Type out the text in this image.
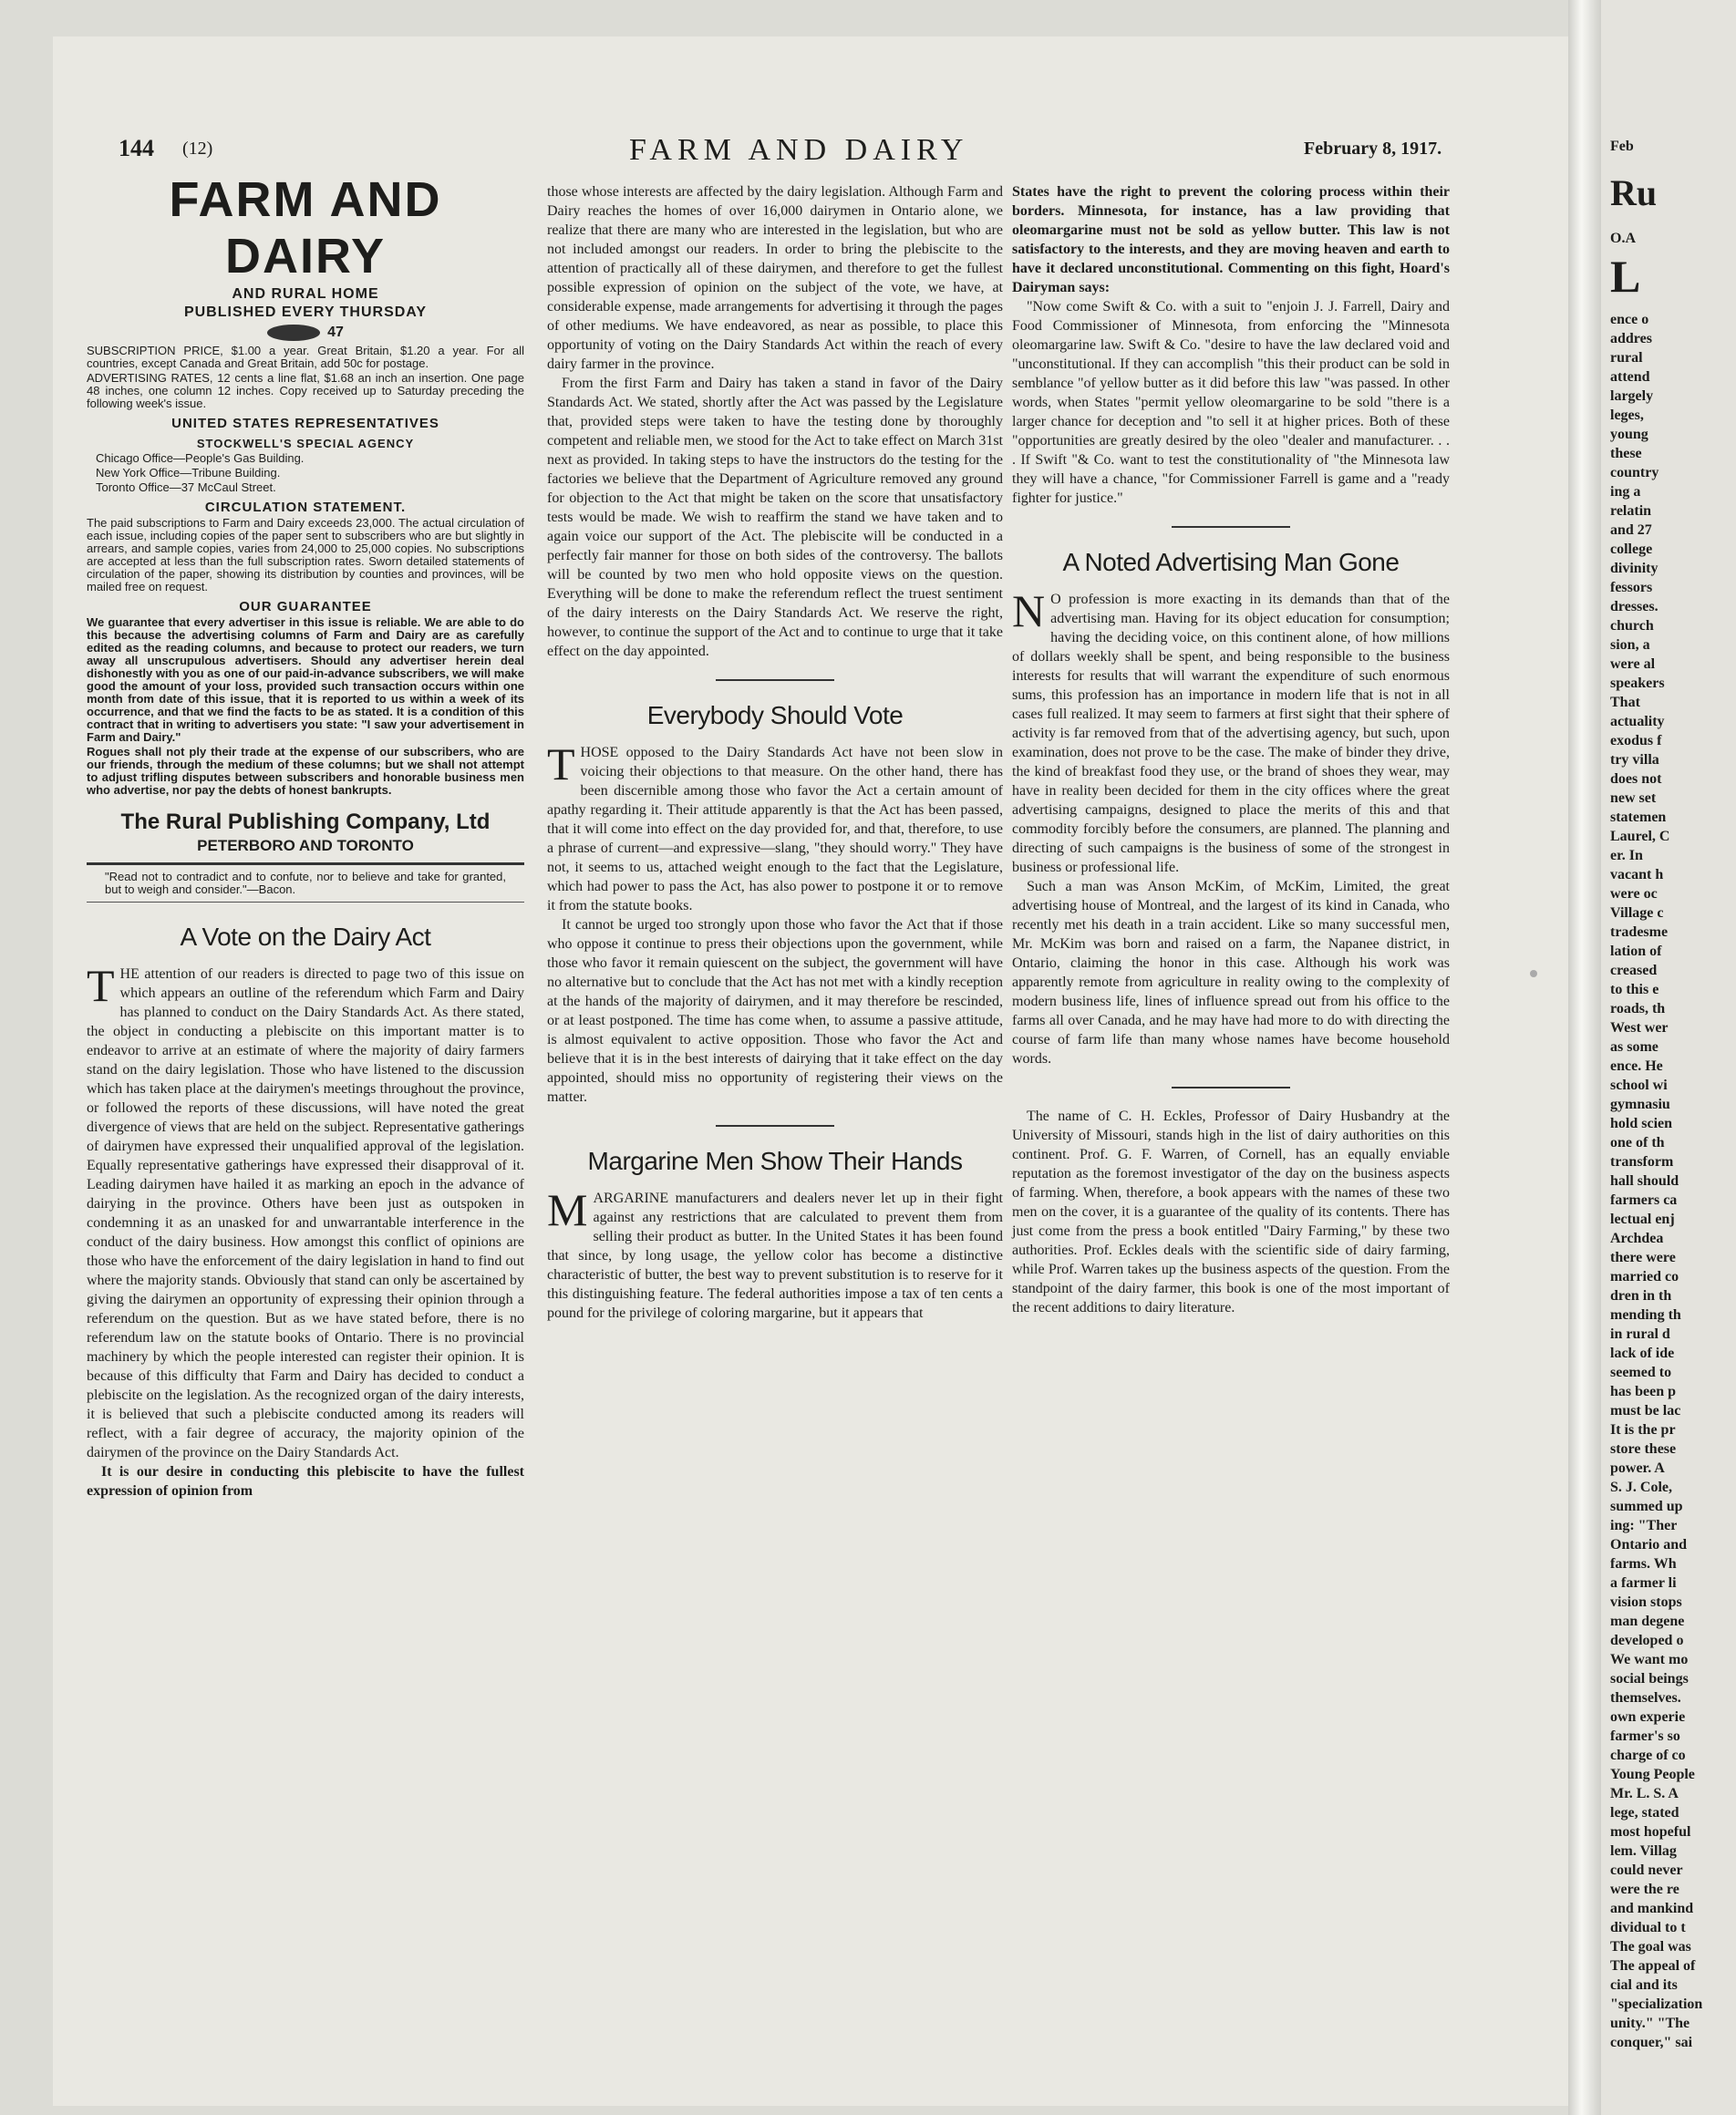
Feb
Ru
O.A
L
ence o
addres
rural
attend
largely
leges,
young
these
country
ing a
relatin
and 27
college
divinity
fessors
dresses.
church
sion, a
were al
speakers
That
actuality
exodus f
try villa
does not
new set
statemen
Laurel, C
er. In
vacant h
were oc
Village c
tradesme
lation of
creased
to this e
roads, th
West wer
as some
ence. He
school wi
gymnasiu
hold scien
one of th
transform
hall should
farmers ca
lectual enj
Archdea
there were
married co
dren in th
mending th
in rural d
lack of ide
seemed to
has been p
must be lac
It is the pr
store these
power. A
S. J. Cole,
summed up
ing: "Ther
Ontario and
farms. Wh
a farmer li
vision stops
man degene
developed o
We want mo
social beings
themselves.
own experie
farmer's so
charge of co
Young People
Mr. L. S. A
lege, stated
most hopeful
lem. Villag
could never
were the re
and mankind
dividual to t
The goal was
The appeal of
cial and its
"specialization
unity." "The
conquer," sai
144 (12)	FARM AND DAIRY	February 8, 1917.
FARM AND DAIRY
AND RURAL HOME
PUBLISHED EVERY THURSDAY
47

SUBSCRIPTION PRICE, $1.00 a year. Great Britain, $1.20 a year. For all countries, except Canada and Great Britain, add 50c for postage.

ADVERTISING RATES, 12 cents a line flat, $1.68 an inch an insertion. One page 48 inches, one column 12 inches. Copy received up to Saturday preceding the following week's issue.

UNITED STATES REPRESENTATIVES
STOCKWELL'S SPECIAL AGENCY

Chicago Office—People's Gas Building.

New York Office—Tribune Building.

Toronto Office—37 McCaul Street.

CIRCULATION STATEMENT.

The paid subscriptions to Farm and Dairy exceeds 23,000. The actual circulation of each issue, including copies of the paper sent to subscribers who are but slightly in arrears, and sample copies, varies from 24,000 to 25,000 copies. No subscriptions are accepted at less than the full subscription rates. Sworn detailed statements of circulation of the paper, showing its distribution by counties and provinces, will be mailed free on request.

OUR GUARANTEE

We guarantee that every advertiser in this issue is reliable. We are able to do this because the advertising columns of Farm and Dairy are as carefully edited as the reading columns, and because to protect our readers, we turn away all unscrupulous advertisers. Should any advertiser herein deal dishonestly with you as one of our paid-in-advance subscribers, we will make good the amount of your loss, provided such transaction occurs within one month from date of this issue, that it is reported to us within a week of its occurrence, and that we find the facts to be as stated. It is a condition of this contract that in writing to advertisers you state: "I saw your advertisement in Farm and Dairy."

Rogues shall not ply their trade at the expense of our subscribers, who are our friends, through the medium of these columns; but we shall not attempt to adjust trifling disputes between subscribers and honorable business men who advertise, nor pay the debts of honest bankrupts.

The Rural Publishing Company, Ltd
PETERBORO AND TORONTO

"Read not to contradict and to confute, nor to believe and take for granted, but to weigh and consider."—Bacon.

A Vote on the Dairy Act

THE attention of our readers is directed to page two of this issue on which appears an outline of the referendum which Farm and Dairy has planned to conduct on the Dairy Standards Act. As there stated, the object in conducting a plebiscite on this important matter is to endeavor to arrive at an estimate of where the majority of dairy farmers stand on the dairy legislation. Those who have listened to the discussion which has taken place at the dairymen's meetings throughout the province, or followed the reports of these discussions, will have noted the great divergence of views that are held on the subject. Representative gatherings of dairymen have expressed their unqualified approval of the legislation. Equally representative gatherings have expressed their disapproval of it. Leading dairymen have hailed it as marking an epoch in the advance of dairying in the province. Others have been just as outspoken in condemning it as an unasked for and unwarrantable interference in the conduct of the dairy business. How amongst this conflict of opinions are those who have the enforcement of the dairy legislation in hand to find out where the majority stands. Obviously that stand can only be ascertained by giving the dairymen an opportunity of expressing their opinion through a referendum on the question. But as we have stated before, there is no referendum law on the statute books of Ontario. There is no provincial machinery by which the people interested can register their opinion. It is because of this difficulty that Farm and Dairy has decided to conduct a plebiscite on the legislation. As the recognized organ of the dairy interests, it is believed that such a plebiscite conducted among its readers will reflect, with a fair degree of accuracy, the majority opinion of the dairymen of the province on the Dairy Standards Act.

It is our desire in conducting this plebiscite to have the fullest expression of opinion from

those whose interests are affected by the dairy legislation. Although Farm and Dairy reaches the homes of over 16,000 dairymen in Ontario alone, we realize that there are many who are interested in the legislation, but who are not included amongst our readers. In order to bring the plebiscite to the attention of practically all of these dairymen, and therefore to get the fullest possible expression of opinion on the subject of the vote, we have, at considerable expense, made arrangements for advertising it through the pages of other mediums. We have endeavored, as near as possible, to place this opportunity of voting on the Dairy Standards Act within the reach of every dairy farmer in the province.

From the first Farm and Dairy has taken a stand in favor of the Dairy Standards Act. We stated, shortly after the Act was passed by the Legislature that, provided steps were taken to have the testing done by thoroughly competent and reliable men, we stood for the Act to take effect on March 31st next as provided. In taking steps to have the instructors do the testing for the factories we believe that the Department of Agriculture removed any ground for objection to the Act that might be taken on the score that unsatisfactory tests would be made. We wish to reaffirm the stand we have taken and to again voice our support of the Act. The plebiscite will be conducted in a perfectly fair manner for those on both sides of the controversy. The ballots will be counted by two men who hold opposite views on the question. Everything will be done to make the referendum reflect the truest sentiment of the dairy interests on the Dairy Standards Act. We reserve the right, however, to continue the support of the Act and to continue to urge that it take effect on the day appointed.

Everybody Should Vote

THOSE opposed to the Dairy Standards Act have not been slow in voicing their objections to that measure. On the other hand, there has been discernible among those who favor the Act a certain amount of apathy regarding it. Their attitude apparently is that the Act has been passed, that it will come into effect on the day provided for, and that, therefore, to use a phrase of current—and expressive—slang, "they should worry." They have not, it seems to us, attached weight enough to the fact that the Legislature, which had power to pass the Act, has also power to postpone it or to remove it from the statute books.

It cannot be urged too strongly upon those who favor the Act that if those who oppose it continue to press their objections upon the government, while those who favor it remain quiescent on the subject, the government will have no alternative but to conclude that the Act has not met with a kindly reception at the hands of the majority of dairymen, and it may therefore be rescinded, or at least postponed. The time has come when, to assume a passive attitude, is almost equivalent to active opposition. Those who favor the Act and believe that it is in the best interests of dairying that it take effect on the day appointed, should miss no opportunity of registering their views on the matter.

Margarine Men Show Their Hands

MARGARINE manufacturers and dealers never let up in their fight against any restrictions that are calculated to prevent them from selling their product as butter. In the United States it has been found that since, by long usage, the yellow color has become a distinctive characteristic of butter, the best way to prevent substitution is to reserve for it this distinguishing feature. The federal authorities impose a tax of ten cents a pound for the privilege of coloring margarine, but it appears that

States have the right to prevent the coloring process within their borders. Minnesota, for instance, has a law providing that oleomargarine must not be sold as yellow butter. This law is not satisfactory to the interests, and they are moving heaven and earth to have it declared unconstitutional. Commenting on this fight, Hoard's Dairyman says:

"Now come Swift & Co. with a suit to "enjoin J. J. Farrell, Dairy and Food Commissioner of Minnesota, from enforcing the "Minnesota oleomargarine law. Swift & Co. "desire to have the law declared void and "unconstitutional. If they can accomplish "this their product can be sold in semblance "of yellow butter as it did before this law "was passed. In other words, when States "permit yellow oleomargarine to be sold "there is a larger chance for deception and "to sell it at higher prices. Both of these "opportunities are greatly desired by the oleo "dealer and manufacturer. . . . If Swift "& Co. want to test the constitutionality of "the Minnesota law they will have a chance, "for Commissioner Farrell is game and a "ready fighter for justice."

A Noted Advertising Man Gone

N O profession is more exacting in its demands than that of the advertising man. Having for its object education for consumption; having the deciding voice, on this continent alone, of how millions of dollars weekly shall be spent, and being responsible to the business interests for results that will warrant the expenditure of such enormous sums, this profession has an importance in modern life that is not in all cases full realized. It may seem to farmers at first sight that their sphere of activity is far removed from that of the advertising agency, but such, upon examination, does not prove to be the case. The make of binder they drive, the kind of breakfast food they use, or the brand of shoes they wear, may have in reality been decided for them in the city offices where the great advertising campaigns, designed to place the merits of this and that commodity forcibly before the consumers, are planned. The planning and directing of such campaigns is the business of some of the strongest in business or professional life.

Such a man was Anson McKim, of McKim, Limited, the great advertising house of Montreal, and the largest of its kind in Canada, who recently met his death in a train accident. Like so many successful men, Mr. McKim was born and raised on a farm, the Napanee district, in Ontario, claiming the honor in this case. Although his work was apparently remote from agriculture in reality owing to the complexity of modern business life, lines of influence spread out from his office to the farms all over Canada, and he may have had more to do with directing the course of farm life than many whose names have become household words.

The name of C. H. Eckles, Professor of Dairy Husbandry at the University of Missouri, stands high in the list of dairy authorities on this continent. Prof. G. F. Warren, of Cornell, has an equally enviable reputation as the foremost investigator of the day on the business aspects of farming. When, therefore, a book appears with the names of these two men on the cover, it is a guarantee of the quality of its contents. There has just come from the press a book entitled "Dairy Farming," by these two authorities. Prof. Eckles deals with the scientific side of dairy farming, while Prof. Warren takes up the business aspects of the question. From the standpoint of the dairy farmer, this book is one of the most important of the recent additions to dairy literature.
